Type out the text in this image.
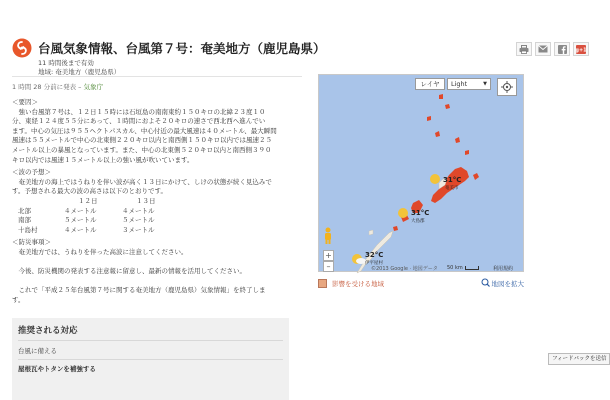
台風気象情報、台風第７号：奄美地方（鹿児島県）
11 時間後まで有効
地域: 奄美地方（鹿児島県）
g+1
1 時間 28 分前に発表 – 気象庁
＜要因＞
　強い台風第７号は、１２日１５時には石垣島の南南東約１５０キロの北緯２３度１０
分、東経１２４度５５分にあって、１時間におよそ２０キロの速さで西北西へ進んでい
ます。中心の気圧は９５５ヘクトパスカル、中心付近の最大風速は４０メートル、最大瞬間
風速は５５メートルで中心の北東側２２０キロ以内と南西側１５０キロ以内では風速２５
メートル以上の暴風となっています。また、中心の北東側５２０キロ以内と南西側３９０
キロ以内では風速１５メートル以上の強い風が吹いています。
＜波の予想＞
　奄美地方の海上ではうねりを伴い波が高く１３日にかけて、しけの状態が続く見込みで
す。予想される最大の波の高さは以下のとおりです。
１２日	１３日
北部	４メートル	４メートル
南部	５メートル	５メートル
十島村	４メートル	３メートル
＜防災事項＞
　奄美地方では、うねりを伴った高波に注意してください。
　今後、防災機関の発表する注意報に留意し、最新の情報を活用してください。
　これで「平成２５年台風第７号に関する奄美地方（鹿児島県）気象情報」を終了しま
す。
推奨される対応
台風に備える
屋根瓦やトタンを補強する
31°C
奄美市
31°C
大島郡
32°C
伊平屋村
レイヤ	Light	▼
+
–	©2013 Google · 地図データ 50 km	利用規約
影響を受ける地域	地図を拡大
フィードバックを送信
